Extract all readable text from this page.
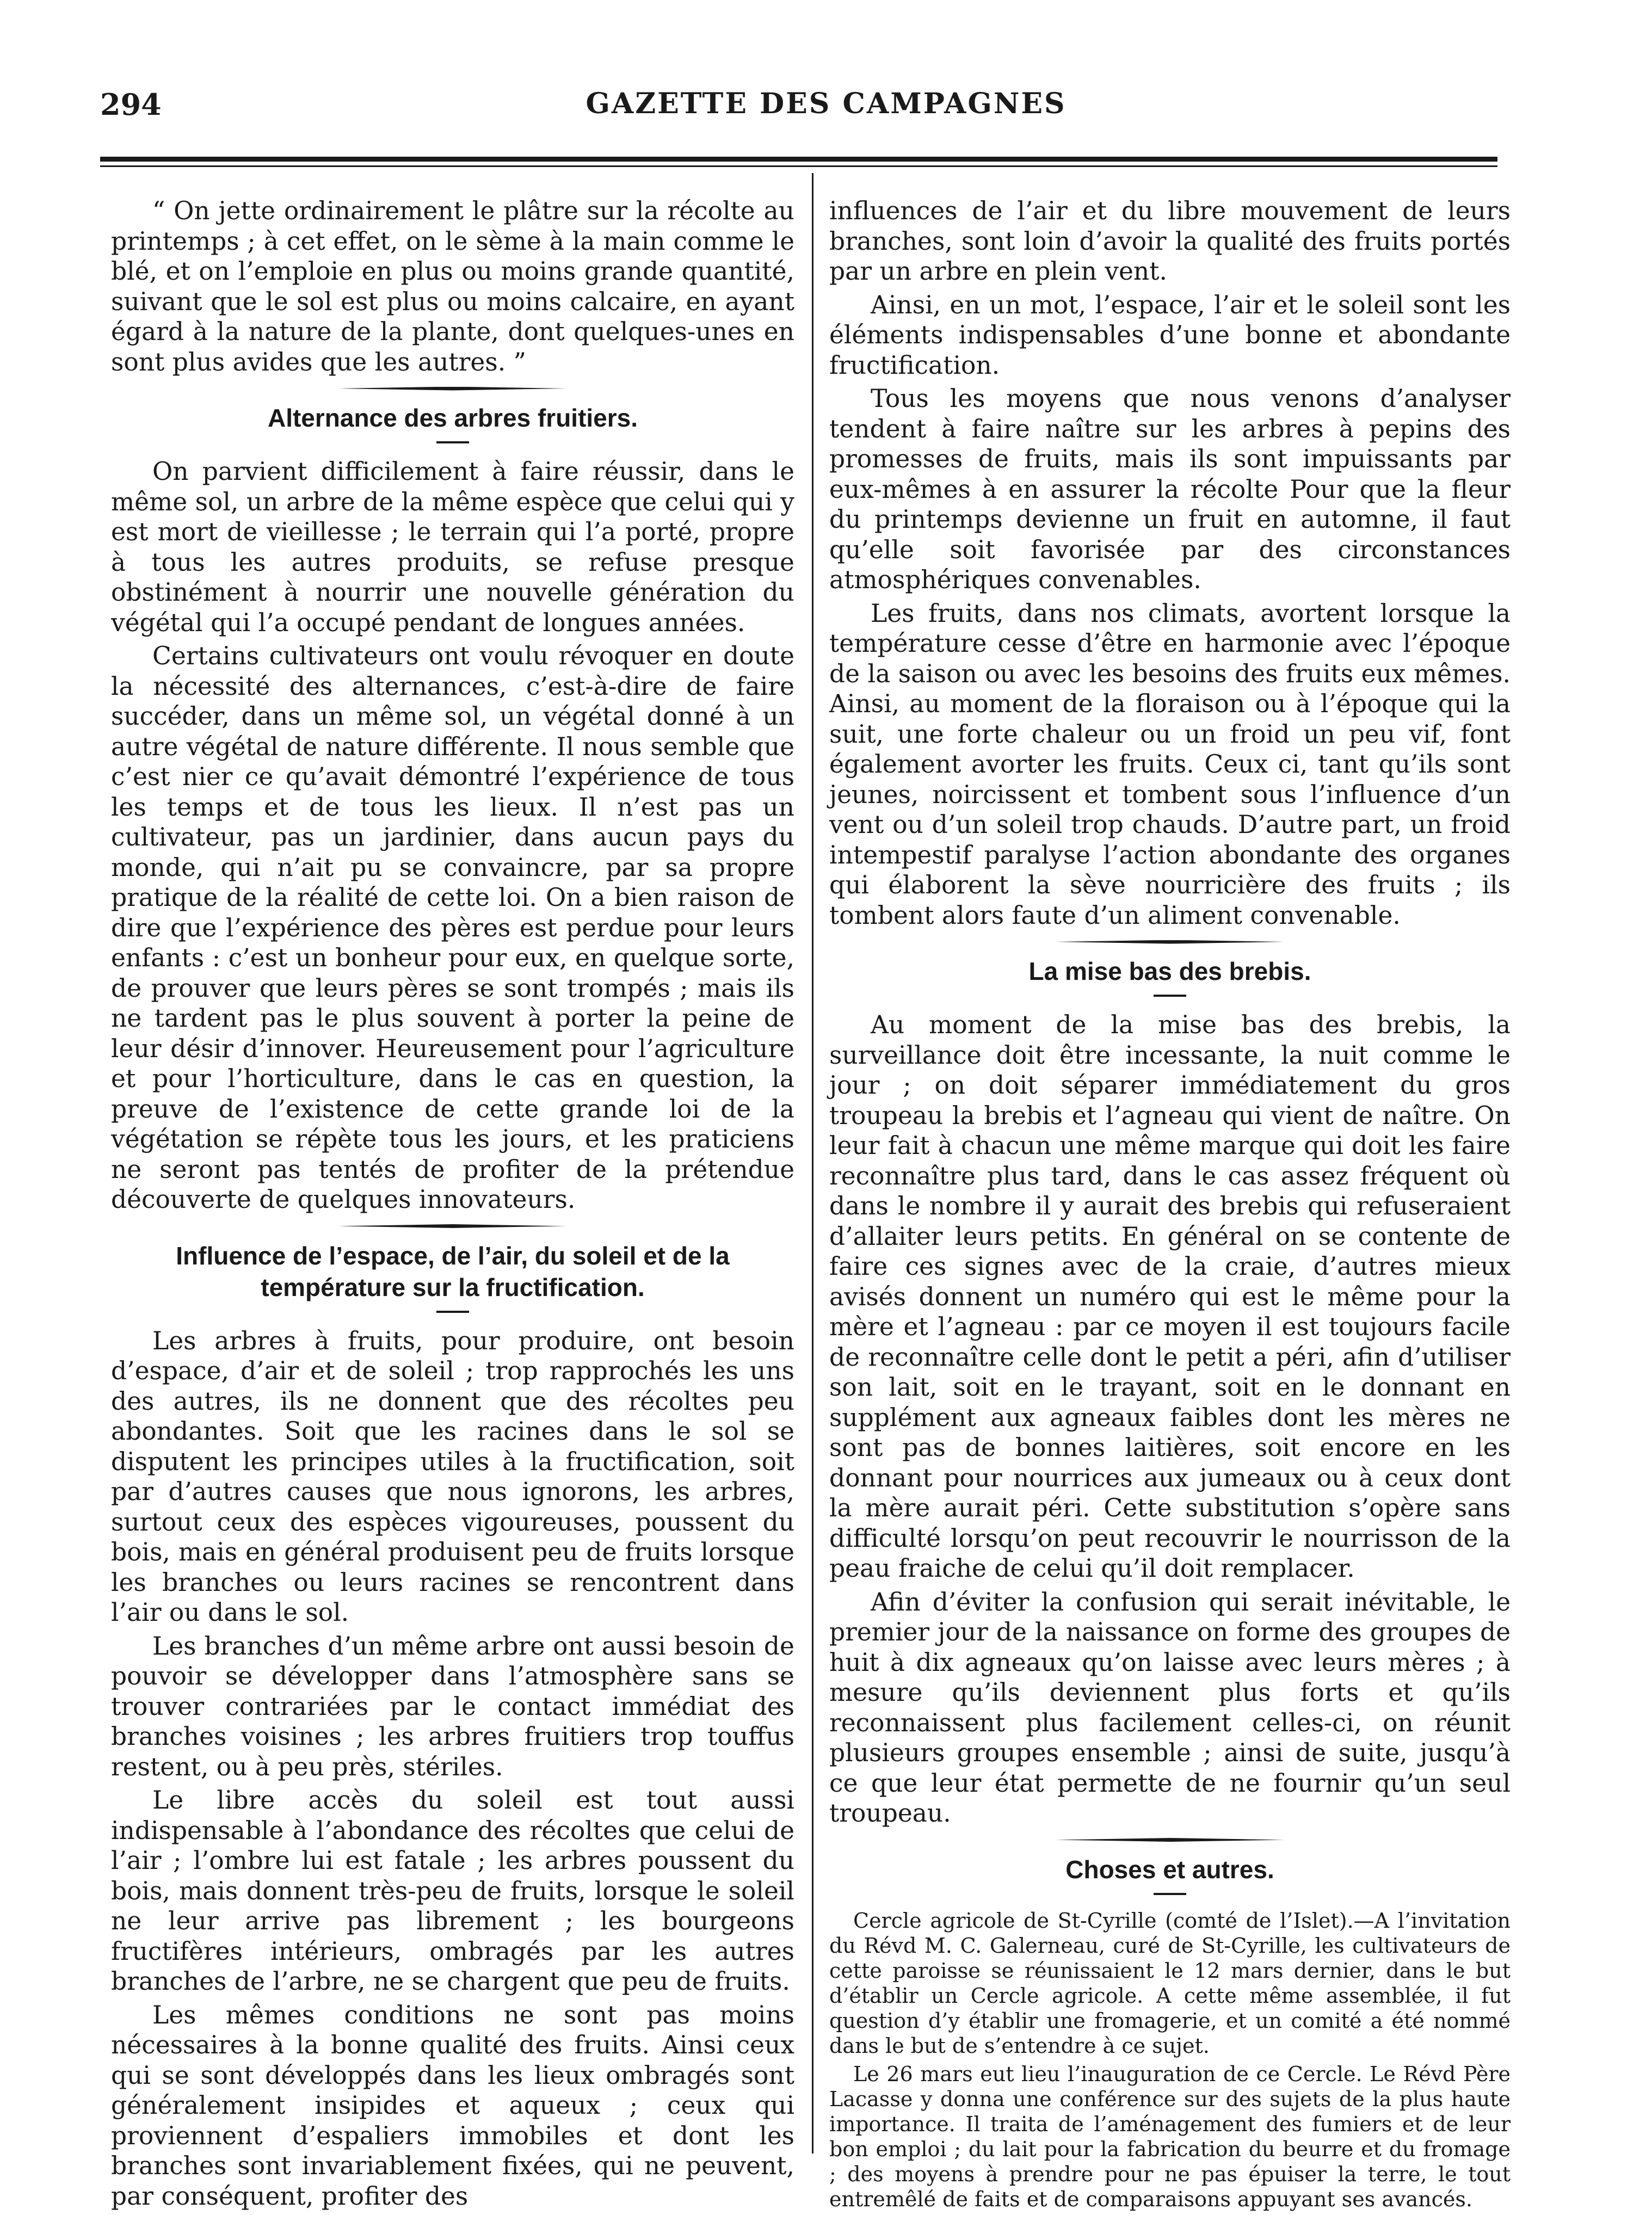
294	GAZETTE DES CAMPAGNES

“ On jette ordinairement le plâtre sur la récolte au printemps ; à cet effet, on le sème à la main comme le blé, et on l’emploie en plus ou moins grande quantité, suivant que le sol est plus ou moins calcaire, en ayant égard à la nature de la plante, dont quelques-unes en sont plus avides que les autres. ”

Alternance des arbres fruitiers.

On parvient difficilement à faire réussir, dans le même sol, un arbre de la même espèce que celui qui y est mort de vieillesse ; le terrain qui l’a porté, propre à tous les autres produits, se refuse presque obstinément à nourrir une nouvelle génération du végétal qui l’a occupé pendant de longues années.

Certains cultivateurs ont voulu révoquer en doute la nécessité des alternances, c’est-à-dire de faire succéder, dans un même sol, un végétal donné à un autre végétal de nature différente. Il nous semble que c’est nier ce qu’avait démontré l’expérience de tous les temps et de tous les lieux. Il n’est pas un cultivateur, pas un jardinier, dans aucun pays du monde, qui n’ait pu se convaincre, par sa propre pratique de la réalité de cette loi. On a bien raison de dire que l’expérience des pères est perdue pour leurs enfants : c’est un bonheur pour eux, en quelque sorte, de prouver que leurs pères se sont trompés ; mais ils ne tardent pas le plus souvent à porter la peine de leur désir d’innover. Heureusement pour l’agriculture et pour l’horticulture, dans le cas en question, la preuve de l’existence de cette grande loi de la végétation se répète tous les jours, et les praticiens ne seront pas tentés de profiter de la prétendue découverte de quelques innovateurs.

Influence de l’espace, de l’air, du soleil et de la température sur la fructification.

Les arbres à fruits, pour produire, ont besoin d’espace, d’air et de soleil ; trop rapprochés les uns des autres, ils ne donnent que des récoltes peu abondantes. Soit que les racines dans le sol se disputent les principes utiles à la fructification, soit par d’autres causes que nous ignorons, les arbres, surtout ceux des espèces vigoureuses, poussent du bois, mais en général produisent peu de fruits lorsque les branches ou leurs racines se rencontrent dans l’air ou dans le sol.

Les branches d’un même arbre ont aussi besoin de pouvoir se développer dans l’atmosphère sans se trouver contrariées par le contact immédiat des branches voisines ; les arbres fruitiers trop touffus restent, ou à peu près, stériles.

Le libre accès du soleil est tout aussi indispensable à l’abondance des récoltes que celui de l’air ; l’ombre lui est fatale ; les arbres poussent du bois, mais donnent très-peu de fruits, lorsque le soleil ne leur arrive pas librement ; les bourgeons fructifères intérieurs, ombragés par les autres branches de l’arbre, ne se chargent que peu de fruits.

Les mêmes conditions ne sont pas moins nécessaires à la bonne qualité des fruits. Ainsi ceux qui se sont développés dans les lieux ombragés sont généralement insipides et aqueux ; ceux qui proviennent d’espaliers immobiles et dont les branches sont invariablement fixées, qui ne peuvent, par conséquent, profiter des

influences de l’air et du libre mouvement de leurs branches, sont loin d’avoir la qualité des fruits portés par un arbre en plein vent.

Ainsi, en un mot, l’espace, l’air et le soleil sont les éléments indispensables d’une bonne et abondante fructification.

Tous les moyens que nous venons d’analyser tendent à faire naître sur les arbres à pepins des promesses de fruits, mais ils sont impuissants par eux-mêmes à en assurer la récolte Pour que la fleur du printemps devienne un fruit en automne, il faut qu’elle soit favorisée par des circonstances atmosphériques convenables.

Les fruits, dans nos climats, avortent lorsque la température cesse d’être en harmonie avec l’époque de la saison ou avec les besoins des fruits eux mêmes. Ainsi, au moment de la floraison ou à l’époque qui la suit, une forte chaleur ou un froid un peu vif, font également avorter les fruits. Ceux ci, tant qu’ils sont jeunes, noircissent et tombent sous l’influence d’un vent ou d’un soleil trop chauds. D’autre part, un froid intempestif paralyse l’action abondante des organes qui élaborent la sève nourricière des fruits ; ils tombent alors faute d’un aliment convenable.

La mise bas des brebis.

Au moment de la mise bas des brebis, la surveillance doit être incessante, la nuit comme le jour ; on doit séparer immédiatement du gros troupeau la brebis et l’agneau qui vient de naître. On leur fait à chacun une même marque qui doit les faire reconnaître plus tard, dans le cas assez fréquent où dans le nombre il y aurait des brebis qui refuseraient d’allaiter leurs petits. En général on se contente de faire ces signes avec de la craie, d’autres mieux avisés donnent un numéro qui est le même pour la mère et l’agneau : par ce moyen il est toujours facile de reconnaître celle dont le petit a péri, afin d’utiliser son lait, soit en le trayant, soit en le donnant en supplément aux agneaux faibles dont les mères ne sont pas de bonnes laitières, soit encore en les donnant pour nourrices aux jumeaux ou à ceux dont la mère aurait péri. Cette substitution s’opère sans difficulté lorsqu’on peut recouvrir le nourrisson de la peau fraiche de celui qu’il doit remplacer.

Afin d’éviter la confusion qui serait inévitable, le premier jour de la naissance on forme des groupes de huit à dix agneaux qu’on laisse avec leurs mères ; à mesure qu’ils deviennent plus forts et qu’ils reconnaissent plus facilement celles-ci, on réunit plusieurs groupes ensemble ; ainsi de suite, jusqu’à ce que leur état permette de ne fournir qu’un seul troupeau.

Choses et autres.

Cercle agricole de St-Cyrille (comté de l’Islet).—A l’invitation du Révd M. C. Galerneau, curé de St-Cyrille, les cultivateurs de cette paroisse se réunissaient le 12 mars dernier, dans le but d’établir un Cercle agricole. A cette même assemblée, il fut question d’y établir une fromagerie, et un comité a été nommé dans le but de s’entendre à ce sujet.

Le 26 mars eut lieu l’inauguration de ce Cercle. Le Révd Père Lacasse y donna une conférence sur des sujets de la plus haute importance. Il traita de l’aménagement des fumiers et de leur bon emploi ; du lait pour la fabrication du beurre et du fromage ; des moyens à prendre pour ne pas épuiser la terre, le tout entremêlé de faits et de comparaisons appuyant ses avancés.
